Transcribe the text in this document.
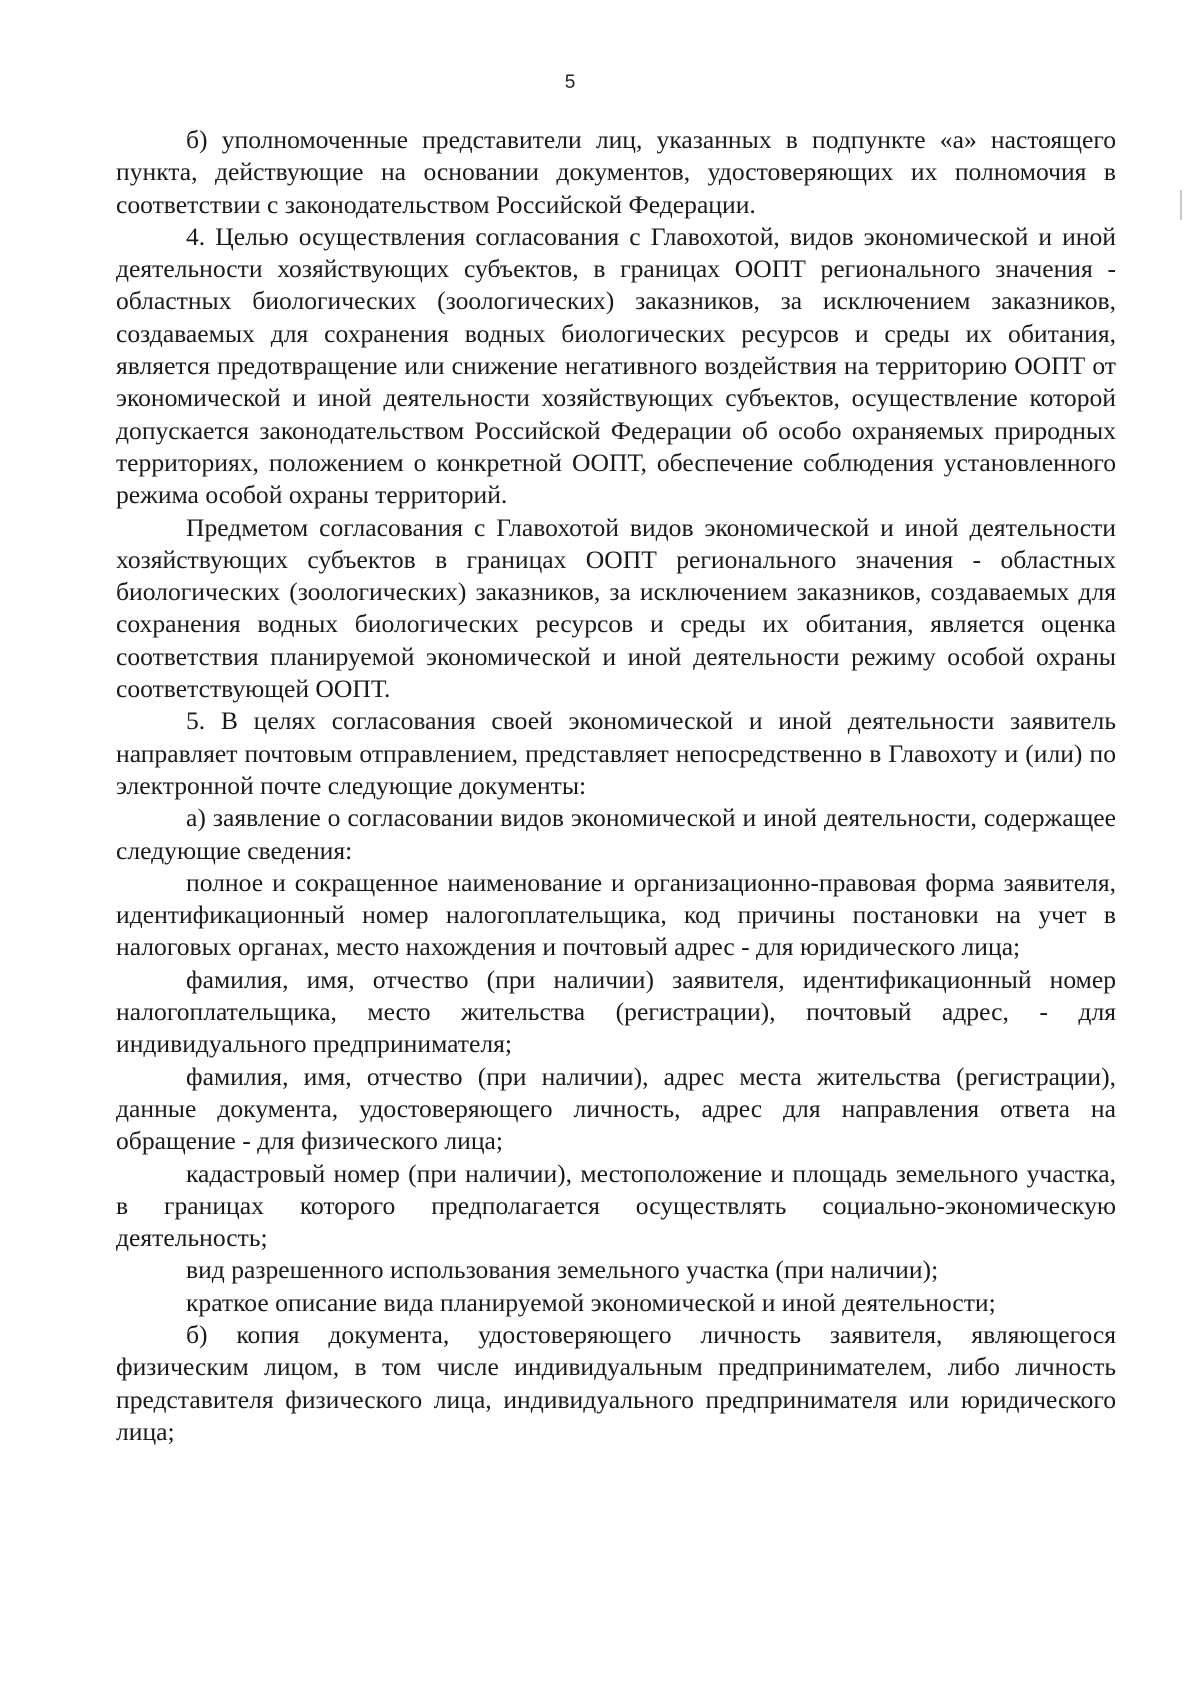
5

б) уполномоченные представители лиц, указанных в подпункте «а» настоящего пункта, действующие на основании документов, удостоверяющих их полномочия в соответствии с законодательством Российской Федерации.

4. Целью осуществления согласования с Главохотой, видов экономической и иной деятельности хозяйствующих субъектов, в границах ООПТ регионального значения - областных биологических (зоологических) заказников, за исключением заказников, создаваемых для сохранения водных биологических ресурсов и среды их обитания, является предотвращение или снижение негативного воздействия на территорию ООПТ от экономической и иной деятельности хозяйствующих субъектов, осуществление которой допускается законодательством Российской Федерации об особо охраняемых природных территориях, положением о конкретной ООПТ, обеспечение соблюдения установленного режима особой охраны территорий.

Предметом согласования с Главохотой видов экономической и иной деятельности хозяйствующих субъектов в границах ООПТ регионального значения - областных биологических (зоологических) заказников, за исключением заказников, создаваемых для сохранения водных биологических ресурсов и среды их обитания, является оценка соответствия планируемой экономической и иной деятельности режиму особой охраны соответствующей ООПТ.

5. В целях согласования своей экономической и иной деятельности заявитель направляет почтовым отправлением, представляет непосредственно в Главохоту и (или) по электронной почте следующие документы:

а) заявление о согласовании видов экономической и иной деятельности, содержащее следующие сведения:

полное и сокращенное наименование и организационно-правовая форма заявителя, идентификационный номер налогоплательщика, код причины постановки на учет в налоговых органах, место нахождения и почтовый адрес - для юридического лица;

фамилия, имя, отчество (при наличии) заявителя, идентификационный номер налогоплательщика, место жительства (регистрации), почтовый адрес, - для индивидуального предпринимателя;

фамилия, имя, отчество (при наличии), адрес места жительства (регистрации), данные документа, удостоверяющего личность, адрес для направления ответа на обращение - для физического лица;

кадастровый номер (при наличии), местоположение и площадь земельного участка, в границах которого предполагается осуществлять социально-экономическую деятельность;

вид разрешенного использования земельного участка (при наличии);

краткое описание вида планируемой экономической и иной деятельности;

б) копия документа, удостоверяющего личность заявителя, являющегося физическим лицом, в том числе индивидуальным предпринимателем, либо личность представителя физического лица, индивидуального предпринимателя или юридического лица;
